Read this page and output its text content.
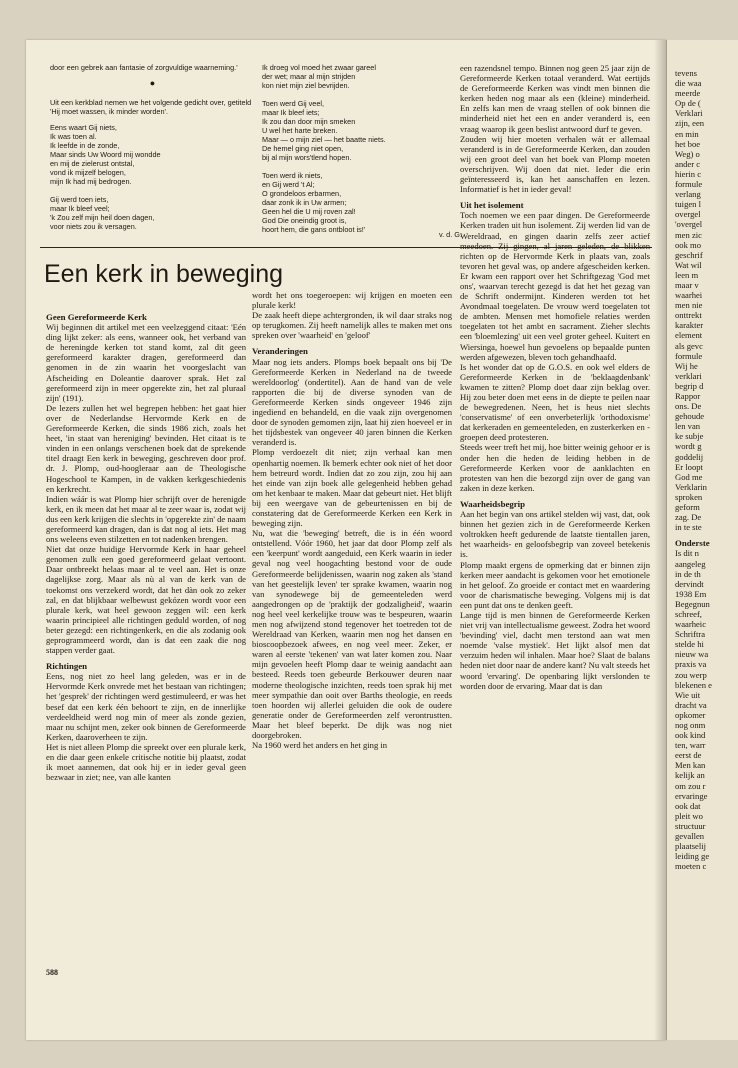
tevens
die waa
meerde
Op de (
Verklari
zijn, een
en min
het boe
Weg) o
ander c
hierin c
formule
verlang
tuigen l
overgel
'overgel
men zic
ook mo
geschrif
Wat wil
leen m
maar v
waarhei
men nie
onttrekt
karakter
element
als gevc
formule
Wij he
verklari
begrip d
Rappor
ons. De
gehoude
len van
ke subje
wordt g
goddelij
Er loopt
God me
Verklarin
sproken
geform
zag. De
in te ste
Onderste
Is dit n
aangeleg
in de th
dervindt
1938 Em
Begegnun
schreef,
waarheic
Schriftra
stelde hi
nieuw wa
praxis va
zou werp
blekenen e
Wie uit
dracht va
opkomer
nog onm
ook kind
ten, warr
eerst de
Men kan
kelijk an
om zou r
ervaringe
ook dat
pleit wo
structuur
gevallen
plaatselij
leiding ge
moeten c

door een gebrek aan fantasie of zorgvuldige waarneming.'

●

Uit een kerkblad nemen we het volgende gedicht over, getiteld 'Hij moet wassen, ik minder worden'.

Eens waart Gij niets,
Ik was toen al.
Ik leefde in de zonde,
Maar sinds Uw Woord mij wondde
en mij de zielerust ontstal,
vond ik mijzelf belogen,
mijn Ik had mij bedrogen.

Gij werd toen iets,
maar Ik bleef veel;
'k Zou zelf mijn heil doen dagen,
voor niets zou ik versagen.

Ik droeg vol moed het zwaar gareel
der wet; maar al mijn strijden
kon niet mijn ziel bevrijden.

Toen werd Gij veel,
maar Ik bleef iets;
Ik zou dan door mijn smeken
U wel het harte breken.
Maar — o mijn ziel — het baatte niets.
De hemel ging niet open,
bij al mijn wors'tlend hopen.

Toen werd ik niets,
en Gij werd 't Al;
O grondeloos erbarmen,
daar zonk ik in Uw armen;
Geen hel die U mij roven zal!
God Die oneindig groot is,
hoort hem, die gans ontbloot is!'

v. d. G.
Een kerk in beweging
Geen Gereformeerde Kerk

Wij beginnen dit artikel met een veelzeggend citaat: 'Eén ding lijkt zeker: als eens, wanneer ook, het verband van de hereningde kerken tot stand komt, zal dit geen gereformeerd karakter dragen, gereformeerd dan genomen in de zin waarin het voorgeslacht van Afscheiding en Doleantie daarover sprak. Het zal gereformeerd zijn in meer opgerekte zin, het zal pluraal zijn' (191).

De lezers zullen het wel begrepen hebben: het gaat hier over de Nederlandse Hervormde Kerk en de Gereformeerde Kerken, die sinds 1986 zich, zoals het heet, 'in staat van hereniging' bevinden. Het citaat is te vinden in een onlangs verschenen boek dat de sprekende titel draagt Een kerk in beweging, geschreven door prof. dr. J. Plomp, oud-hoogleraar aan de Theologische Hogeschool te Kampen, in de vakken kerkgeschiedenis en kerkrecht.

Indien wáár is wat Plomp hier schrijft over de herenigde kerk, en ik meen dat het maar al te zeer waar is, zodat wij dus een kerk krijgen die slechts in 'opgerekte zin' de naam gereformeerd kan dragen, dan is dat nog al iets. Het mag ons weleens even stilzetten en tot nadenken brengen.

Niet dat onze huidige Hervormde Kerk in haar geheel genomen zulk een goed gereformeerd gelaat vertoont. Daar ontbreekt helaas maar al te veel aan. Het is onze dagelijkse zorg. Maar als nù al van de kerk van de toekomst ons verzekerd wordt, dat het dàn ook zo zeker zal, en dat blijkbaar welbewust gekózen wordt voor een plurale kerk, wat heel gewoon zeggen wil: een kerk waarin principieel alle richtingen geduld worden, of nog beter gezegd: een richtingenkerk, en die als zodanig ook geprogrammeerd wordt, dan is dat een zaak die nog stappen verder gaat.

Richtingen

Eens, nog niet zo heel lang geleden, was er in de Hervormde Kerk onvrede met het bestaan van richtingen; het 'gesprek' der richtingen werd gestimuleerd, er was het besef dat een kerk één behoort te zijn, en de innerlijke verdeeldheid werd nog min of meer als zonde gezien, maar nu schijnt men, zeker ook binnen de Gereformeerde Kerken, daaroverheen te zijn.

Het is niet alleen Plomp die spreekt over een plurale kerk, en die daar geen enkele critische notitie bij plaatst, zodat ik moet aannemen, dat ook hij er in ieder geval geen bezwaar in ziet; nee, van alle kanten

wordt het ons toegeroepen: wij krijgen en moeten een plurale kerk!

De zaak heeft diepe achtergronden, ik wil daar straks nog op terugkomen. Zij heeft namelijk alles te maken met ons spreken over 'waarheid' en 'geloof'

Veranderingen

Maar nog iets anders. Plomps boek bepaalt ons bij 'De Gereformeerde Kerken in Nederland na de tweede wereldoorlog' (ondertitel). Aan de hand van de vele rapporten die bij de diverse synoden van de Gereformeerde Kerken sinds ongeveer 1946 zijn ingediend en behandeld, en die vaak zijn overgenomen door de synoden gemomen zijn, laat hij zien hoeveel er in het tijdsbestek van ongeveer 40 jaren binnen die Kerken veranderd is.

Plomp verdoezelt dit niet; zijn verhaal kan men openhartig noemen. Ik bemerk echter ook niet of het door hem betreurd wordt. Indien dat zo zou zijn, zou hij aan het einde van zijn boek alle gelegenheid hebben gehad om het kenbaar te maken. Maar dat gebeurt niet. Het blijft bij een weergave van de gebeurtenissen en bij de constatering dat de Gereformeerde Kerken een Kerk in beweging zijn.

Nu, wat die 'beweging' betreft, die is in één woord ontstellend. Vóór 1960, het jaar dat door Plomp zelf als een 'keerpunt' wordt aangeduid, een Kerk waarin in ieder geval nog veel hoogachting bestond voor de oude Gereformeerde belijdenissen, waarin nog zaken als 'stand van het geestelijk leven' ter sprake kwamen, waarin nog van synodewege bij de gemeenteleden werd aangedrongen op de 'praktijk der godzaligheid', waarin nog heel veel kerkelijke trouw was te bespeuren, waarin men nog afwijzend stond tegenover het toetreden tot de Wereldraad van Kerken, waarin men nog het dansen en bioscoopbezoek afwees, en nog veel meer. Zeker, er waren al eerste 'tekenen' van wat later komen zou. Naar mijn gevoelen heeft Plomp daar te weinig aandacht aan besteed. Reeds toen gebeurde Berkouwer deuren naar moderne theologische inzichten, reeds toen sprak hij met meer sympathie dan ooit over Barths theologie, en reeds toen hoorden wij allerlei geluiden die ook de oudere generatie onder de Gereformeerden zelf verontrustten. Maar het bleef beperkt. De dijk was nog niet doorgebroken.

Na 1960 werd het anders en het ging in

een razendsnel tempo. Binnen nog geen 25 jaar zijn de Gereformeerde Kerken totaal veranderd. Wat eertijds de Gereformeerde Kerken was vindt men binnen die kerken heden nog maar als een (kleine) minderheid. En zelfs kan men de vraag stellen of ook binnen die minderheid niet het een en ander veranderd is, een vraag waarop ik geen beslist antwoord durf te geven.

Zouden wij hier moeten verhalen wát er allemaal veranderd is in de Gereformeerde Kerken, dan zouden wij een groot deel van het boek van Plomp moeten overschrijven. Wij doen dat niet. Ieder die erin geïnteresseerd is, kan het aanschaffen en lezen. Informatief is het in ieder geval!

Uit het isolement

Toch noemen we een paar dingen. De Gereformeerde Kerken traden uit hun isolement. Zij werden lid van de Wereldraad, en gingen daarin zelfs zeer actief meedoen. Zij gingen, al jaren geleden, de blikken richten op de Hervormde Kerk in plaats van, zoals tevoren het geval was, op andere afgescheiden kerken. Er kwam een rapport over het Schriftgezag 'God met ons', waarvan terecht gezegd is dat het het gezag van de Schrift ondermijnt. Kinderen werden tot het Avondmaal toegelaten. De vrouw werd toegelaten tot de ambten. Mensen met homofiele relaties werden toegelaten tot het ambt en sacrament. Zieher slechts een 'bloemlezing' uit een veel groter geheel. Kuitert en Wiersinga, hoewel hun gevoelens op bepaalde punten werden afgewezen, bleven toch gehandhaafd.

Is het wonder dat op de G.O.S. en ook wel elders de Gereformeerde Kerken in de 'beklaagdenbank' kwamen te zitten? Plomp doet daar zijn beklag over. Hij zou beter doen met eens in de diepte te peilen naar de bewegredenen. Neen, het is heus niet slechts 'conservatisme' of een onverbeterlijk 'orthodoxisme' dat kerkeraden en gemeenteleden, en zusterkerken en -groepen deed protesteren.

Steeds weer treft het mij, hoe bitter weinig gehoor er is onder hen die heden de leiding hebben in de Gereformeerde Kerken voor de aanklachten en protesten van hen die bezorgd zijn over de gang van zaken in deze kerken.

Waarheidsbegrip

Aan het begin van ons artikel stelden wij vast, dat, ook binnen het gezien zich in de Gereformeerde Kerken voltrokken heeft gedurende de laatste tientallen jaren, het waarheids- en geloofsbegrip van zoveel betekenis is.

Plomp maakt ergens de opmerking dat er binnen zijn kerken meer aandacht is gekomen voor het emotionele in het geloof. Zo groeide er contact met en waardering voor de charismatische beweging. Volgens mij is dat een punt dat ons te denken geeft.

Lange tijd is men binnen de Gereformeerde Kerken niet vrij van intellectualisme geweest. Zodra het woord 'bevinding' viel, dacht men terstond aan wat men noemde 'valse mystiek'. Het lijkt alsof men dat verzuim heden wil inhalen. Maar hoe? Slaat de balans heden niet door naar de andere kant? Nu valt steeds het woord 'ervaring'. De openbaring lijkt verslonden te worden door de ervaring. Maar dat is dan

588
